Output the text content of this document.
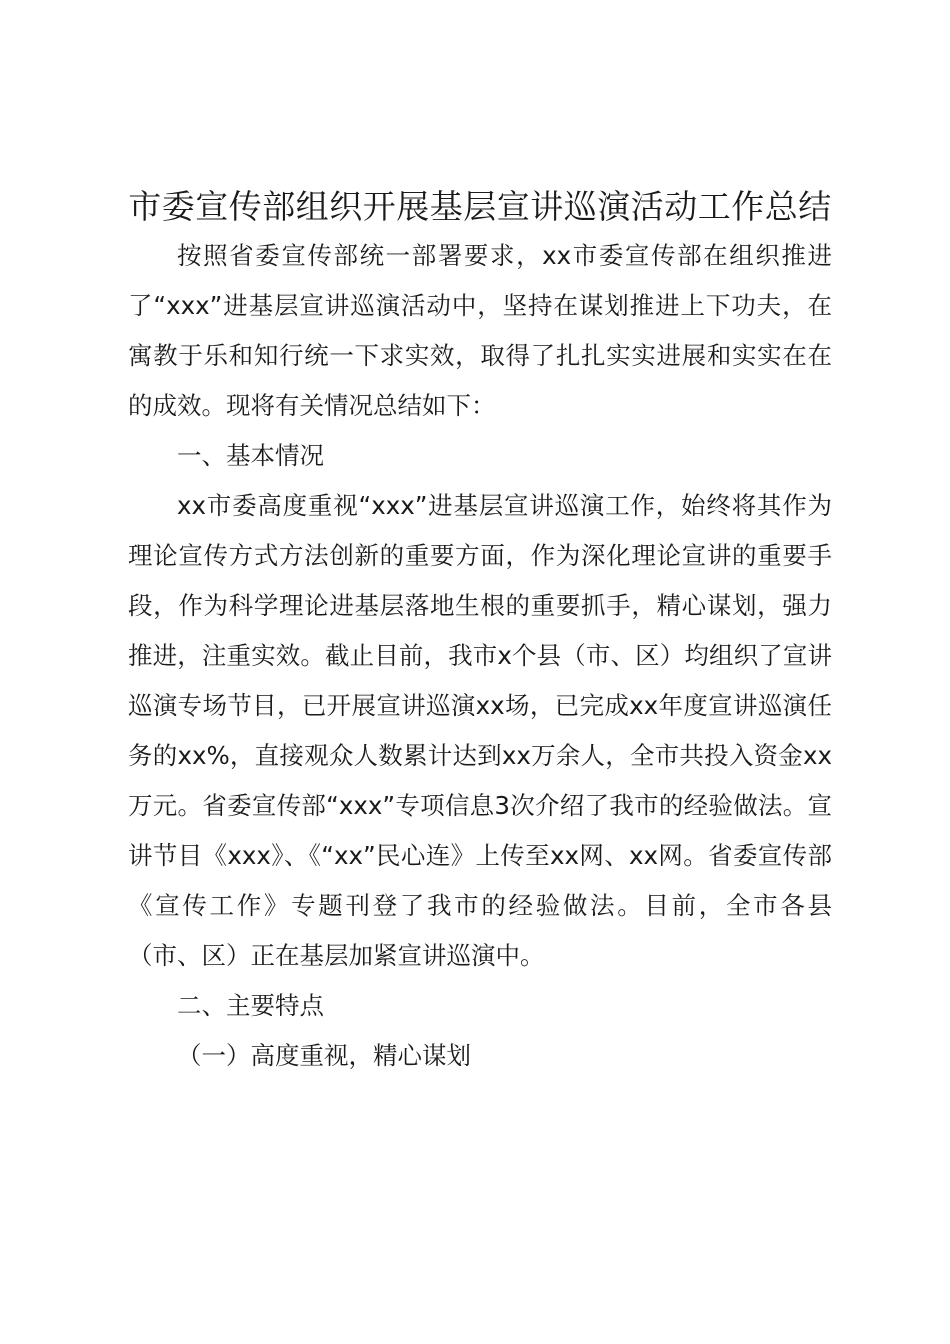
市委宣传部组织开展基层宣讲巡演活动工作总结

按照省委宣传部统一部署要求，xx市委宣传部在组织推进了“xxx”进基层宣讲巡演活动中，坚持在谋划推进上下功夫，在寓教于乐和知行统一下求实效，取得了扎扎实实进展和实实在在的成效。现将有关情况总结如下：

一、基本情况

xx市委高度重视“xxx”进基层宣讲巡演工作，始终将其作为理论宣传方式方法创新的重要方面，作为深化理论宣讲的重要手段，作为科学理论进基层落地生根的重要抓手，精心谋划，强力推进，注重实效。截止目前，我市x个县（市、区）均组织了宣讲巡演专场节目，已开展宣讲巡演xx场，已完成xx年度宣讲巡演任务的xx%，直接观众人数累计达到xx万余人，全市共投入资金xx万元。省委宣传部“xxx”专项信息3次介绍了我市的经验做法。宣讲节目《xxx》、《“xx”民心连》上传至xx网、xx网。省委宣传部《宣传工作》专题刊登了我市的经验做法。目前，全市各县（市、区）正在基层加紧宣讲巡演中。

二、主要特点

（一）高度重视，精心谋划
